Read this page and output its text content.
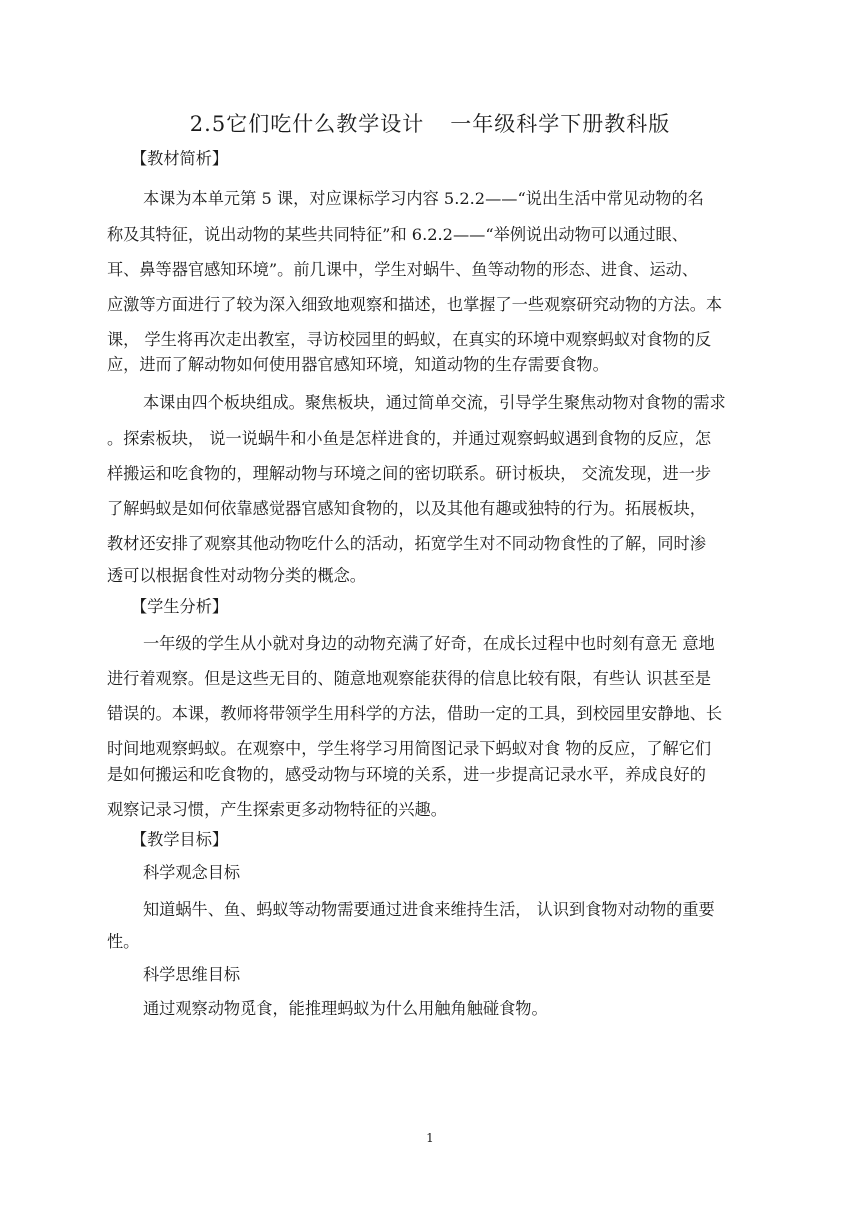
2.5它们吃什么教学设计 一年级科学下册教科版
【教材简析】
本课为本单元第 5 课，对应课标学习内容 5.2.2——“说出生活中常见动物的名
称及其特征，说出动物的某些共同特征”和 6.2.2——“举例说出动物可以通过眼、
耳、鼻等器官感知环境”。前几课中，学生对蜗牛、鱼等动物的形态、进食、运动、
应激等方面进行了较为深入细致地观察和描述，也掌握了一些观察研究动物的方法。本
课， 学生将再次走出教室，寻访校园里的蚂蚁，在真实的环境中观察蚂蚁对食物的反
应，进而了解动物如何使用器官感知环境，知道动物的生存需要食物。
本课由四个板块组成。聚焦板块，通过简单交流，引导学生聚焦动物对食物的需求
。探索板块， 说一说蜗牛和小鱼是怎样进食的，并通过观察蚂蚁遇到食物的反应，怎
样搬运和吃食物的，理解动物与环境之间的密切联系。研讨板块， 交流发现，进一步
了解蚂蚁是如何依靠感觉器官感知食物的，以及其他有趣或独特的行为。拓展板块，
教材还安排了观察其他动物吃什么的活动，拓宽学生对不同动物食性的了解，同时渗
透可以根据食性对动物分类的概念。
【学生分析】
一年级的学生从小就对身边的动物充满了好奇，在成长过程中也时刻有意无 意地
进行着观察。但是这些无目的、随意地观察能获得的信息比较有限，有些认 识甚至是
错误的。本课，教师将带领学生用科学的方法，借助一定的工具，到校园里安静地、长
时间地观察蚂蚁。在观察中，学生将学习用简图记录下蚂蚁对食 物的反应，了解它们
是如何搬运和吃食物的，感受动物与环境的关系，进一步提高记录水平，养成良好的
观察记录习惯，产生探索更多动物特征的兴趣。
【教学目标】
科学观念目标
知道蜗牛、鱼、蚂蚁等动物需要通过进食来维持生活， 认识到食物对动物的重要
性。
科学思维目标
通过观察动物觅食，能推理蚂蚁为什么用触角触碰食物。
1
